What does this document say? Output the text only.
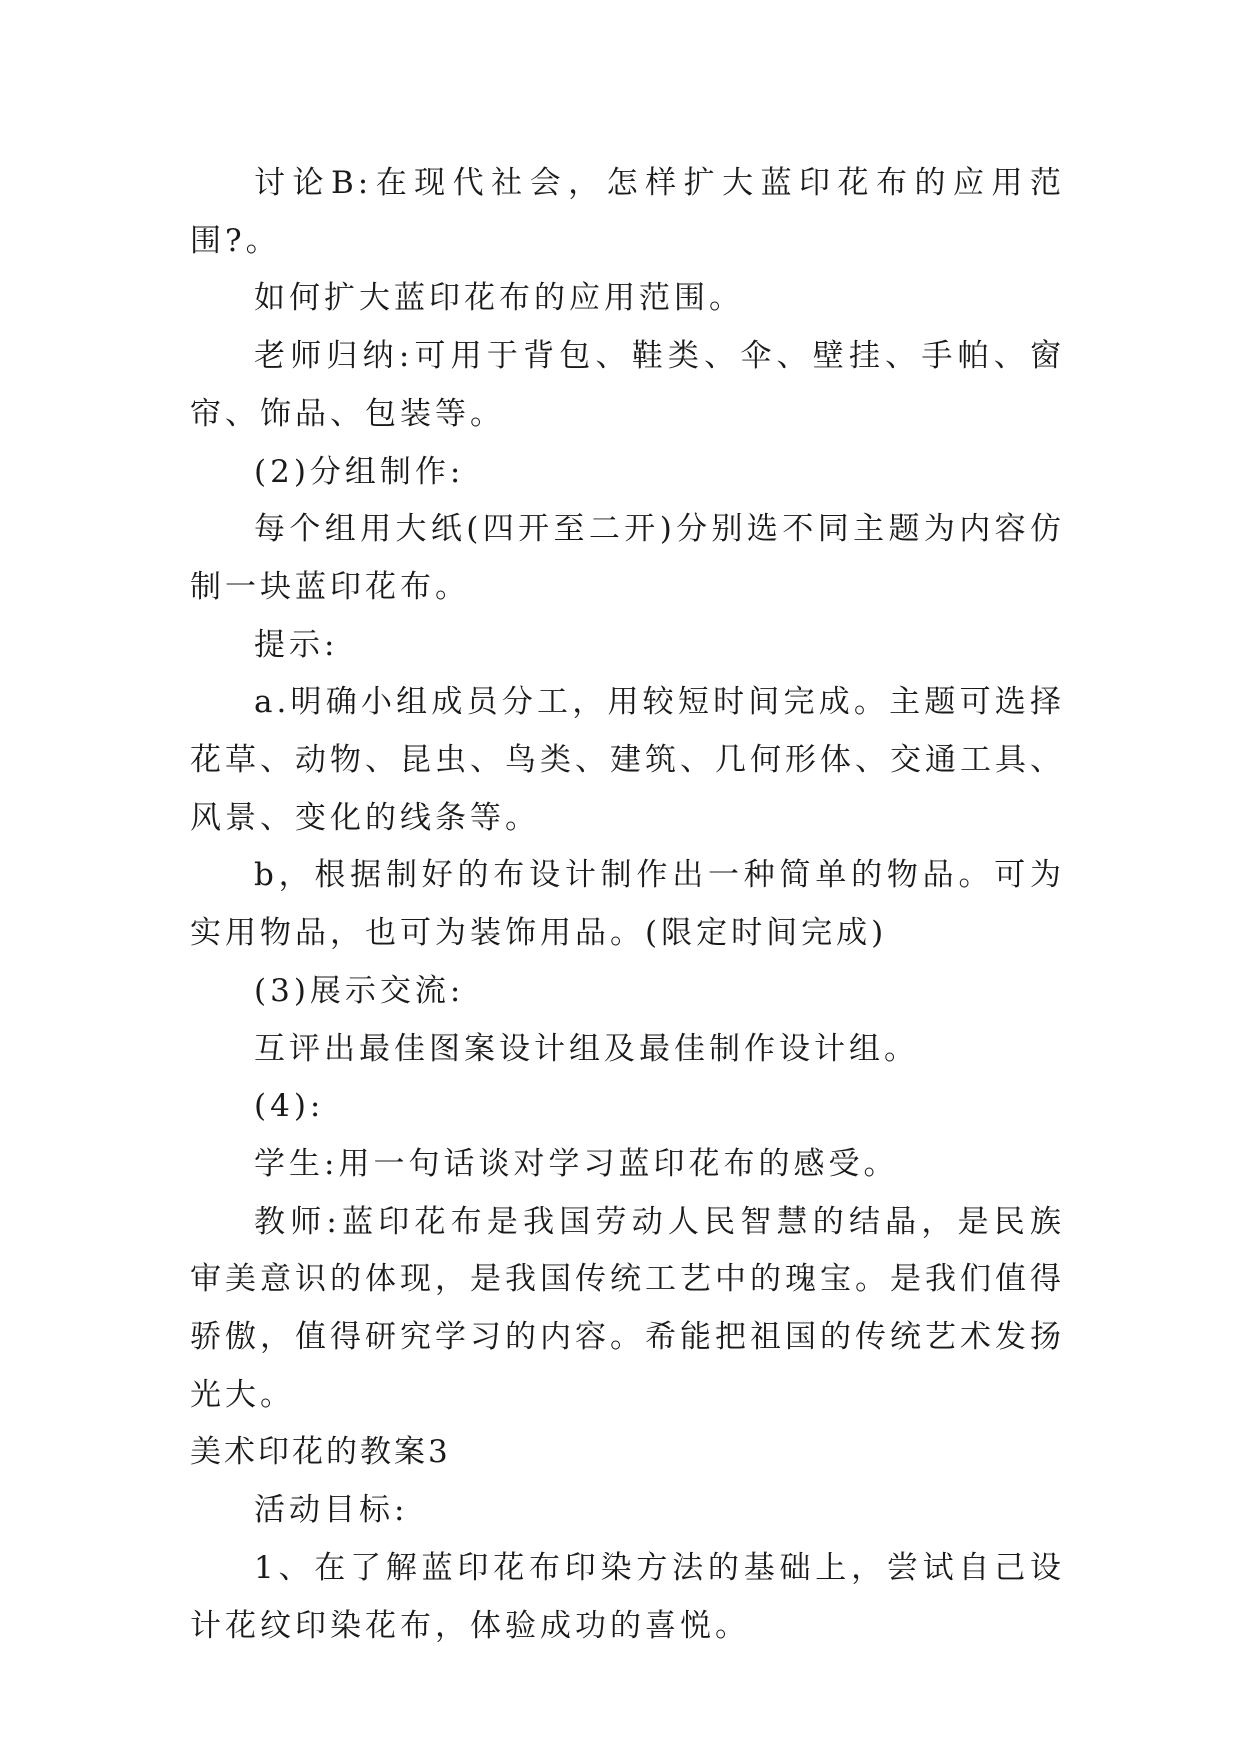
讨论B:在现代社会，怎样扩大蓝印花布的应用范围?。

如何扩大蓝印花布的应用范围。

老师归纳:可用于背包、鞋类、伞、壁挂、手帕、窗帘、饰品、包装等。

(2)分组制作:

每个组用大纸(四开至二开)分别选不同主题为内容仿制一块蓝印花布。

提示:

a.明确小组成员分工，用较短时间完成。主题可选择花草、动物、昆虫、鸟类、建筑、几何形体、交通工具、风景、变化的线条等。

b，根据制好的布设计制作出一种简单的物品。可为实用物品，也可为装饰用品。(限定时间完成)

(3)展示交流:

互评出最佳图案设计组及最佳制作设计组。

(4):

学生:用一句话谈对学习蓝印花布的感受。

教师:蓝印花布是我国劳动人民智慧的结晶，是民族审美意识的体现，是我国传统工艺中的瑰宝。是我们值得骄傲，值得研究学习的内容。希能把祖国的传统艺术发扬光大。

美术印花的教案3

活动目标:

1、在了解蓝印花布印染方法的基础上，尝试自己设计花纹印染花布，体验成功的喜悦。
